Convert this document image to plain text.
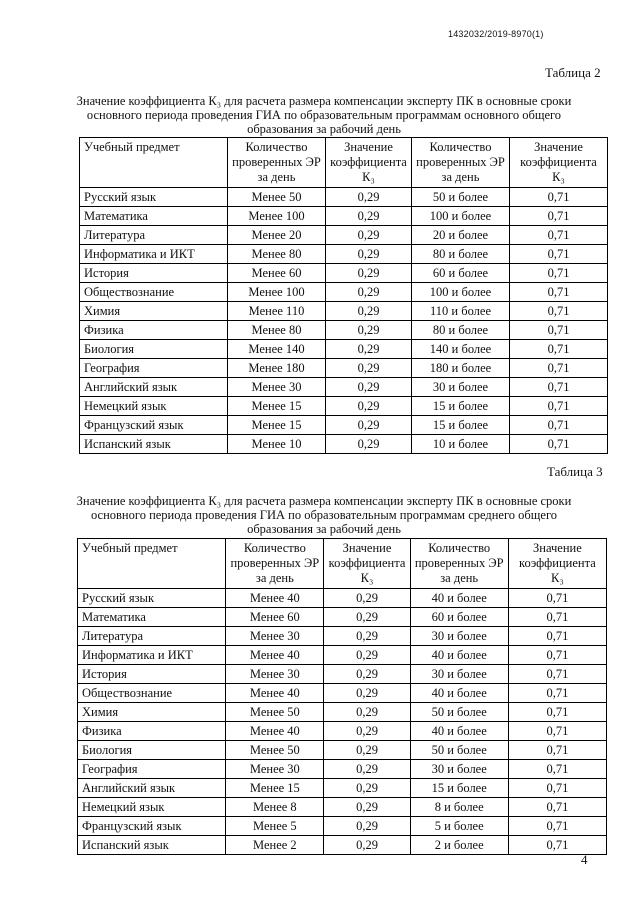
1432032/2019-8970(1)
Таблица 2
Значение коэффициента К₃ для расчета размера компенсации эксперту ПК в основные сроки основного периода проведения ГИА по образовательным программам основного общего образования за рабочий день
Учебный предмет	Количество проверенных ЭР за день	Значение коэффициента К₃	Количество проверенных ЭР за день	Значение коэффициента К₃
Русский язык	Менее 50	0,29	50 и более	0,71
Математика	Менее 100	0,29	100 и более	0,71
Литература	Менее 20	0,29	20 и более	0,71
Информатика и ИКТ	Менее 80	0,29	80 и более	0,71
История	Менее 60	0,29	60 и более	0,71
Обществознание	Менее 100	0,29	100 и более	0,71
Химия	Менее 110	0,29	110 и более	0,71
Физика	Менее 80	0,29	80 и более	0,71
Биология	Менее 140	0,29	140 и более	0,71
География	Менее 180	0,29	180 и более	0,71
Английский язык	Менее 30	0,29	30 и более	0,71
Немецкий язык	Менее 15	0,29	15 и более	0,71
Французский язык	Менее 15	0,29	15 и более	0,71
Испанский язык	Менее 10	0,29	10 и более	0,71
Таблица 3
Значение коэффициента К₃ для расчета размера компенсации эксперту ПК в основные сроки основного периода проведения ГИА по образовательным программам среднего общего образования за рабочий день
Учебный предмет	Количество проверенных ЭР за день	Значение коэффициента К₃	Количество проверенных ЭР за день	Значение коэффициента К₃
Русский язык	Менее 40	0,29	40 и более	0,71
Математика	Менее 60	0,29	60 и более	0,71
Литература	Менее 30	0,29	30 и более	0,71
Информатика и ИКТ	Менее 40	0,29	40 и более	0,71
История	Менее 30	0,29	30 и более	0,71
Обществознание	Менее 40	0,29	40 и более	0,71
Химия	Менее 50	0,29	50 и более	0,71
Физика	Менее 40	0,29	40 и более	0,71
Биология	Менее 50	0,29	50 и более	0,71
География	Менее 30	0,29	30 и более	0,71
Английский язык	Менее 15	0,29	15 и более	0,71
Немецкий язык	Менее 8	0,29	8 и более	0,71
Французский язык	Менее 5	0,29	5 и более	0,71
Испанский язык	Менее 2	0,29	2 и более	0,71
4
